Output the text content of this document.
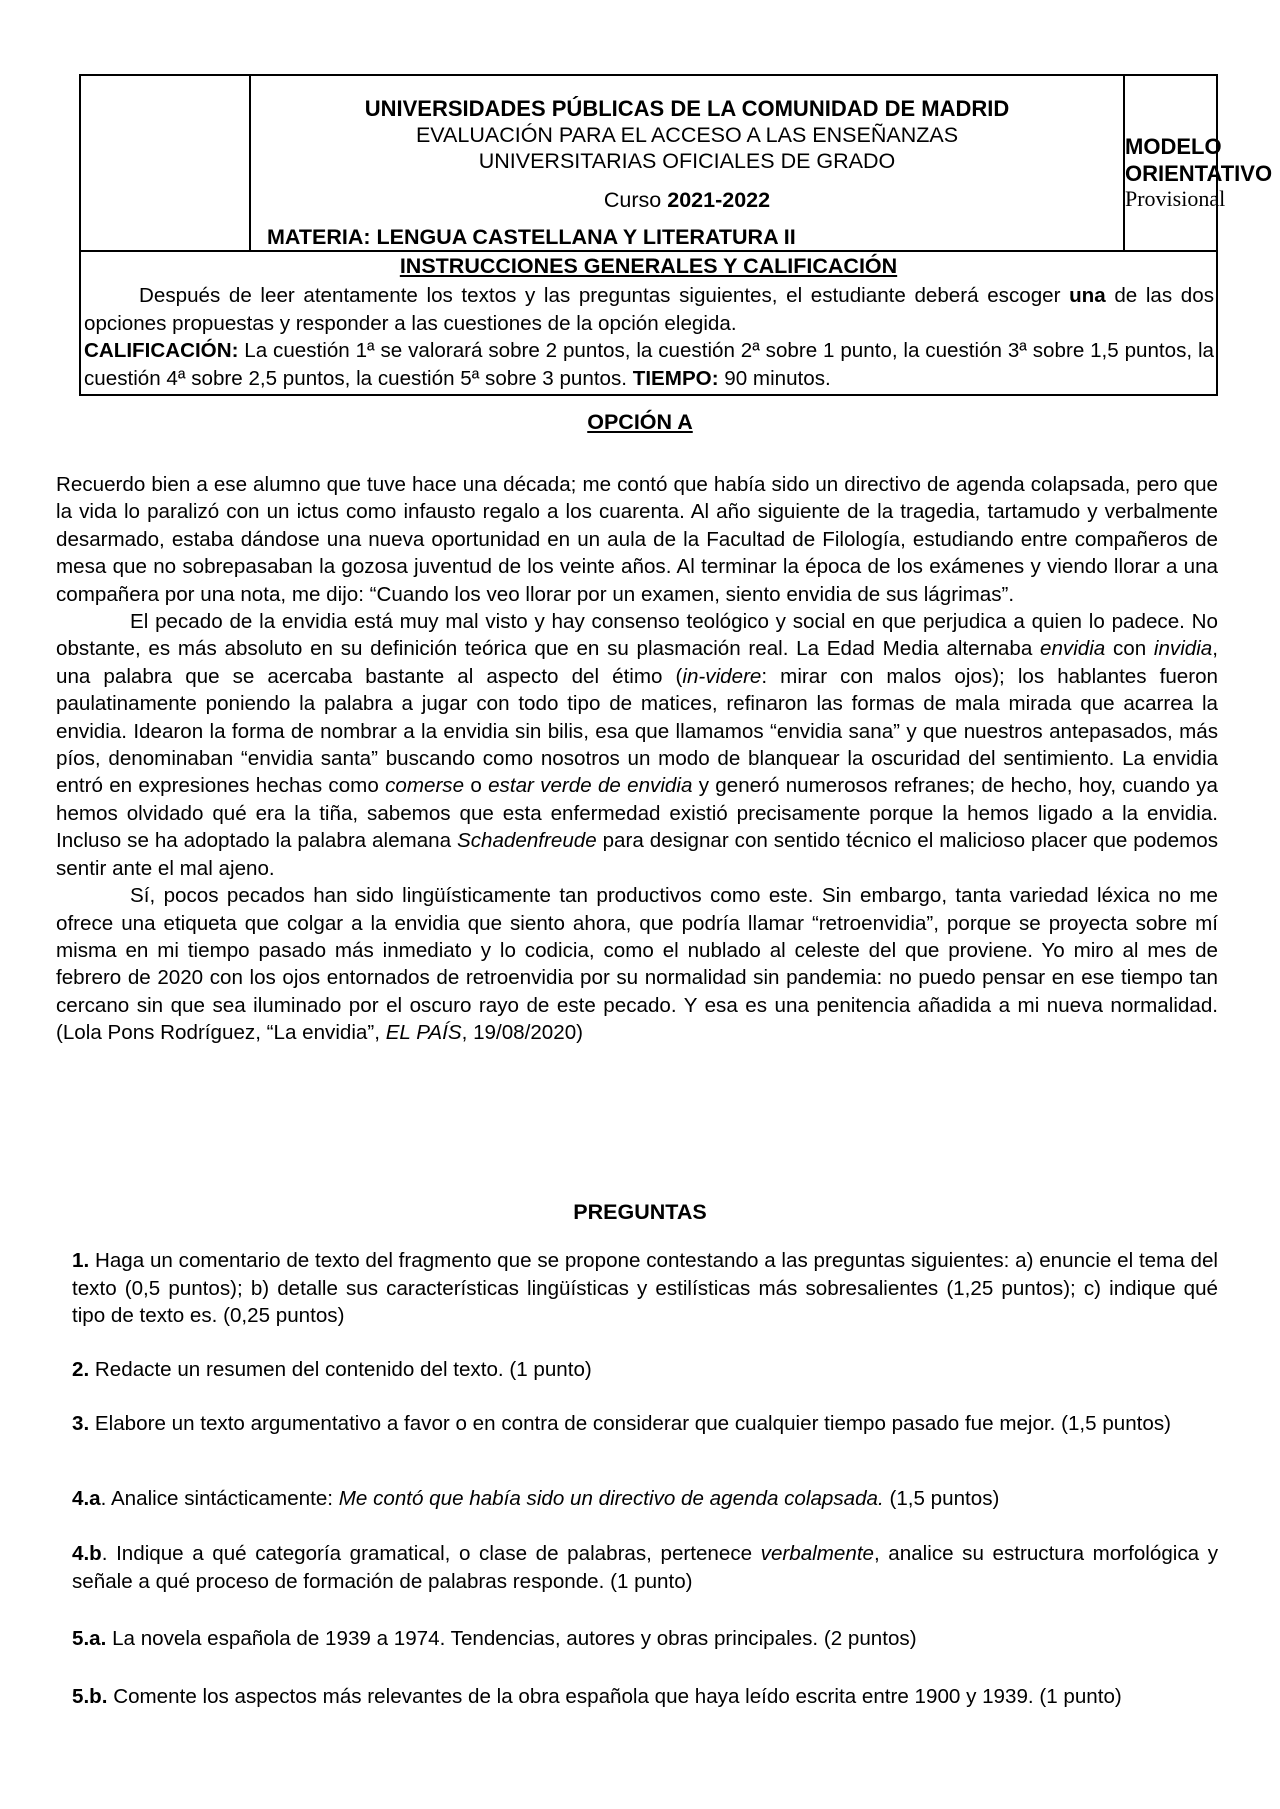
UNIVERSIDADES PÚBLICAS DE LA COMUNIDAD DE MADRID
EVALUACIÓN PARA EL ACCESO A LAS ENSEÑANZAS
UNIVERSITARIAS OFICIALES DE GRADO
Curso 2021-2022
MATERIA: LENGUA CASTELLANA Y LITERATURA II
MODELO
ORIENTATIVO
Provisional
INSTRUCCIONES GENERALES Y CALIFICACIÓN

Después de leer atentamente los textos y las preguntas siguientes, el estudiante deberá escoger una de las dos opciones propuestas y responder a las cuestiones de la opción elegida.

CALIFICACIÓN: La cuestión 1ª se valorará sobre 2 puntos, la cuestión 2ª sobre 1 punto, la cuestión 3ª sobre 1,5 puntos, la cuestión 4ª sobre 2,5 puntos, la cuestión 5ª sobre 3 puntos. TIEMPO: 90 minutos.

OPCIÓN A

Recuerdo bien a ese alumno que tuve hace una década; me contó que había sido un directivo de agenda colapsada, pero que la vida lo paralizó con un ictus como infausto regalo a los cuarenta. Al año siguiente de la tragedia, tartamudo y verbalmente desarmado, estaba dándose una nueva oportunidad en un aula de la Facultad de Filología, estudiando entre compañeros de mesa que no sobrepasaban la gozosa juventud de los veinte años. Al terminar la época de los exámenes y viendo llorar a una compañera por una nota, me dijo: “Cuando los veo llorar por un examen, siento envidia de sus lágrimas”.

El pecado de la envidia está muy mal visto y hay consenso teológico y social en que perjudica a quien lo padece. No obstante, es más absoluto en su definición teórica que en su plasmación real. La Edad Media alternaba envidia con invidia, una palabra que se acercaba bastante al aspecto del étimo (in-videre: mirar con malos ojos); los hablantes fueron paulatinamente poniendo la palabra a jugar con todo tipo de matices, refinaron las formas de mala mirada que acarrea la envidia. Idearon la forma de nombrar a la envidia sin bilis, esa que llamamos “envidia sana” y que nuestros antepasados, más píos, denominaban “envidia santa” buscando como nosotros un modo de blanquear la oscuridad del sentimiento. La envidia entró en expresiones hechas como comerse o estar verde de envidia y generó numerosos refranes; de hecho, hoy, cuando ya hemos olvidado qué era la tiña, sabemos que esta enfermedad existió precisamente porque la hemos ligado a la envidia. Incluso se ha adoptado la palabra alemana Schadenfreude para designar con sentido técnico el malicioso placer que podemos sentir ante el mal ajeno.

Sí, pocos pecados han sido lingüísticamente tan productivos como este. Sin embargo, tanta variedad léxica no me ofrece una etiqueta que colgar a la envidia que siento ahora, que podría llamar “retroenvidia”, porque se proyecta sobre mí misma en mi tiempo pasado más inmediato y lo codicia, como el nublado al celeste del que proviene. Yo miro al mes de febrero de 2020 con los ojos entornados de retroenvidia por su normalidad sin pandemia: no puedo pensar en ese tiempo tan cercano sin que sea iluminado por el oscuro rayo de este pecado. Y esa es una penitencia añadida a mi nueva normalidad. (Lola Pons Rodríguez, “La envidia”, EL PAÍS, 19/08/2020)

PREGUNTAS
1. Haga un comentario de texto del fragmento que se propone contestando a las preguntas siguientes: a) enuncie el tema del texto (0,5 puntos); b) detalle sus características lingüísticas y estilísticas más sobresalientes (1,25 puntos); c) indique qué tipo de texto es. (0,25 puntos)
2. Redacte un resumen del contenido del texto. (1 punto)
3. Elabore un texto argumentativo a favor o en contra de considerar que cualquier tiempo pasado fue mejor. (1,5 puntos)
4.a. Analice sintácticamente: Me contó que había sido un directivo de agenda colapsada. (1,5 puntos)
4.b. Indique a qué categoría gramatical, o clase de palabras, pertenece verbalmente, analice su estructura morfológica y señale a qué proceso de formación de palabras responde. (1 punto)
5.a. La novela española de 1939 a 1974. Tendencias, autores y obras principales. (2 puntos)
5.b. Comente los aspectos más relevantes de la obra española que haya leído escrita entre 1900 y 1939. (1 punto)
